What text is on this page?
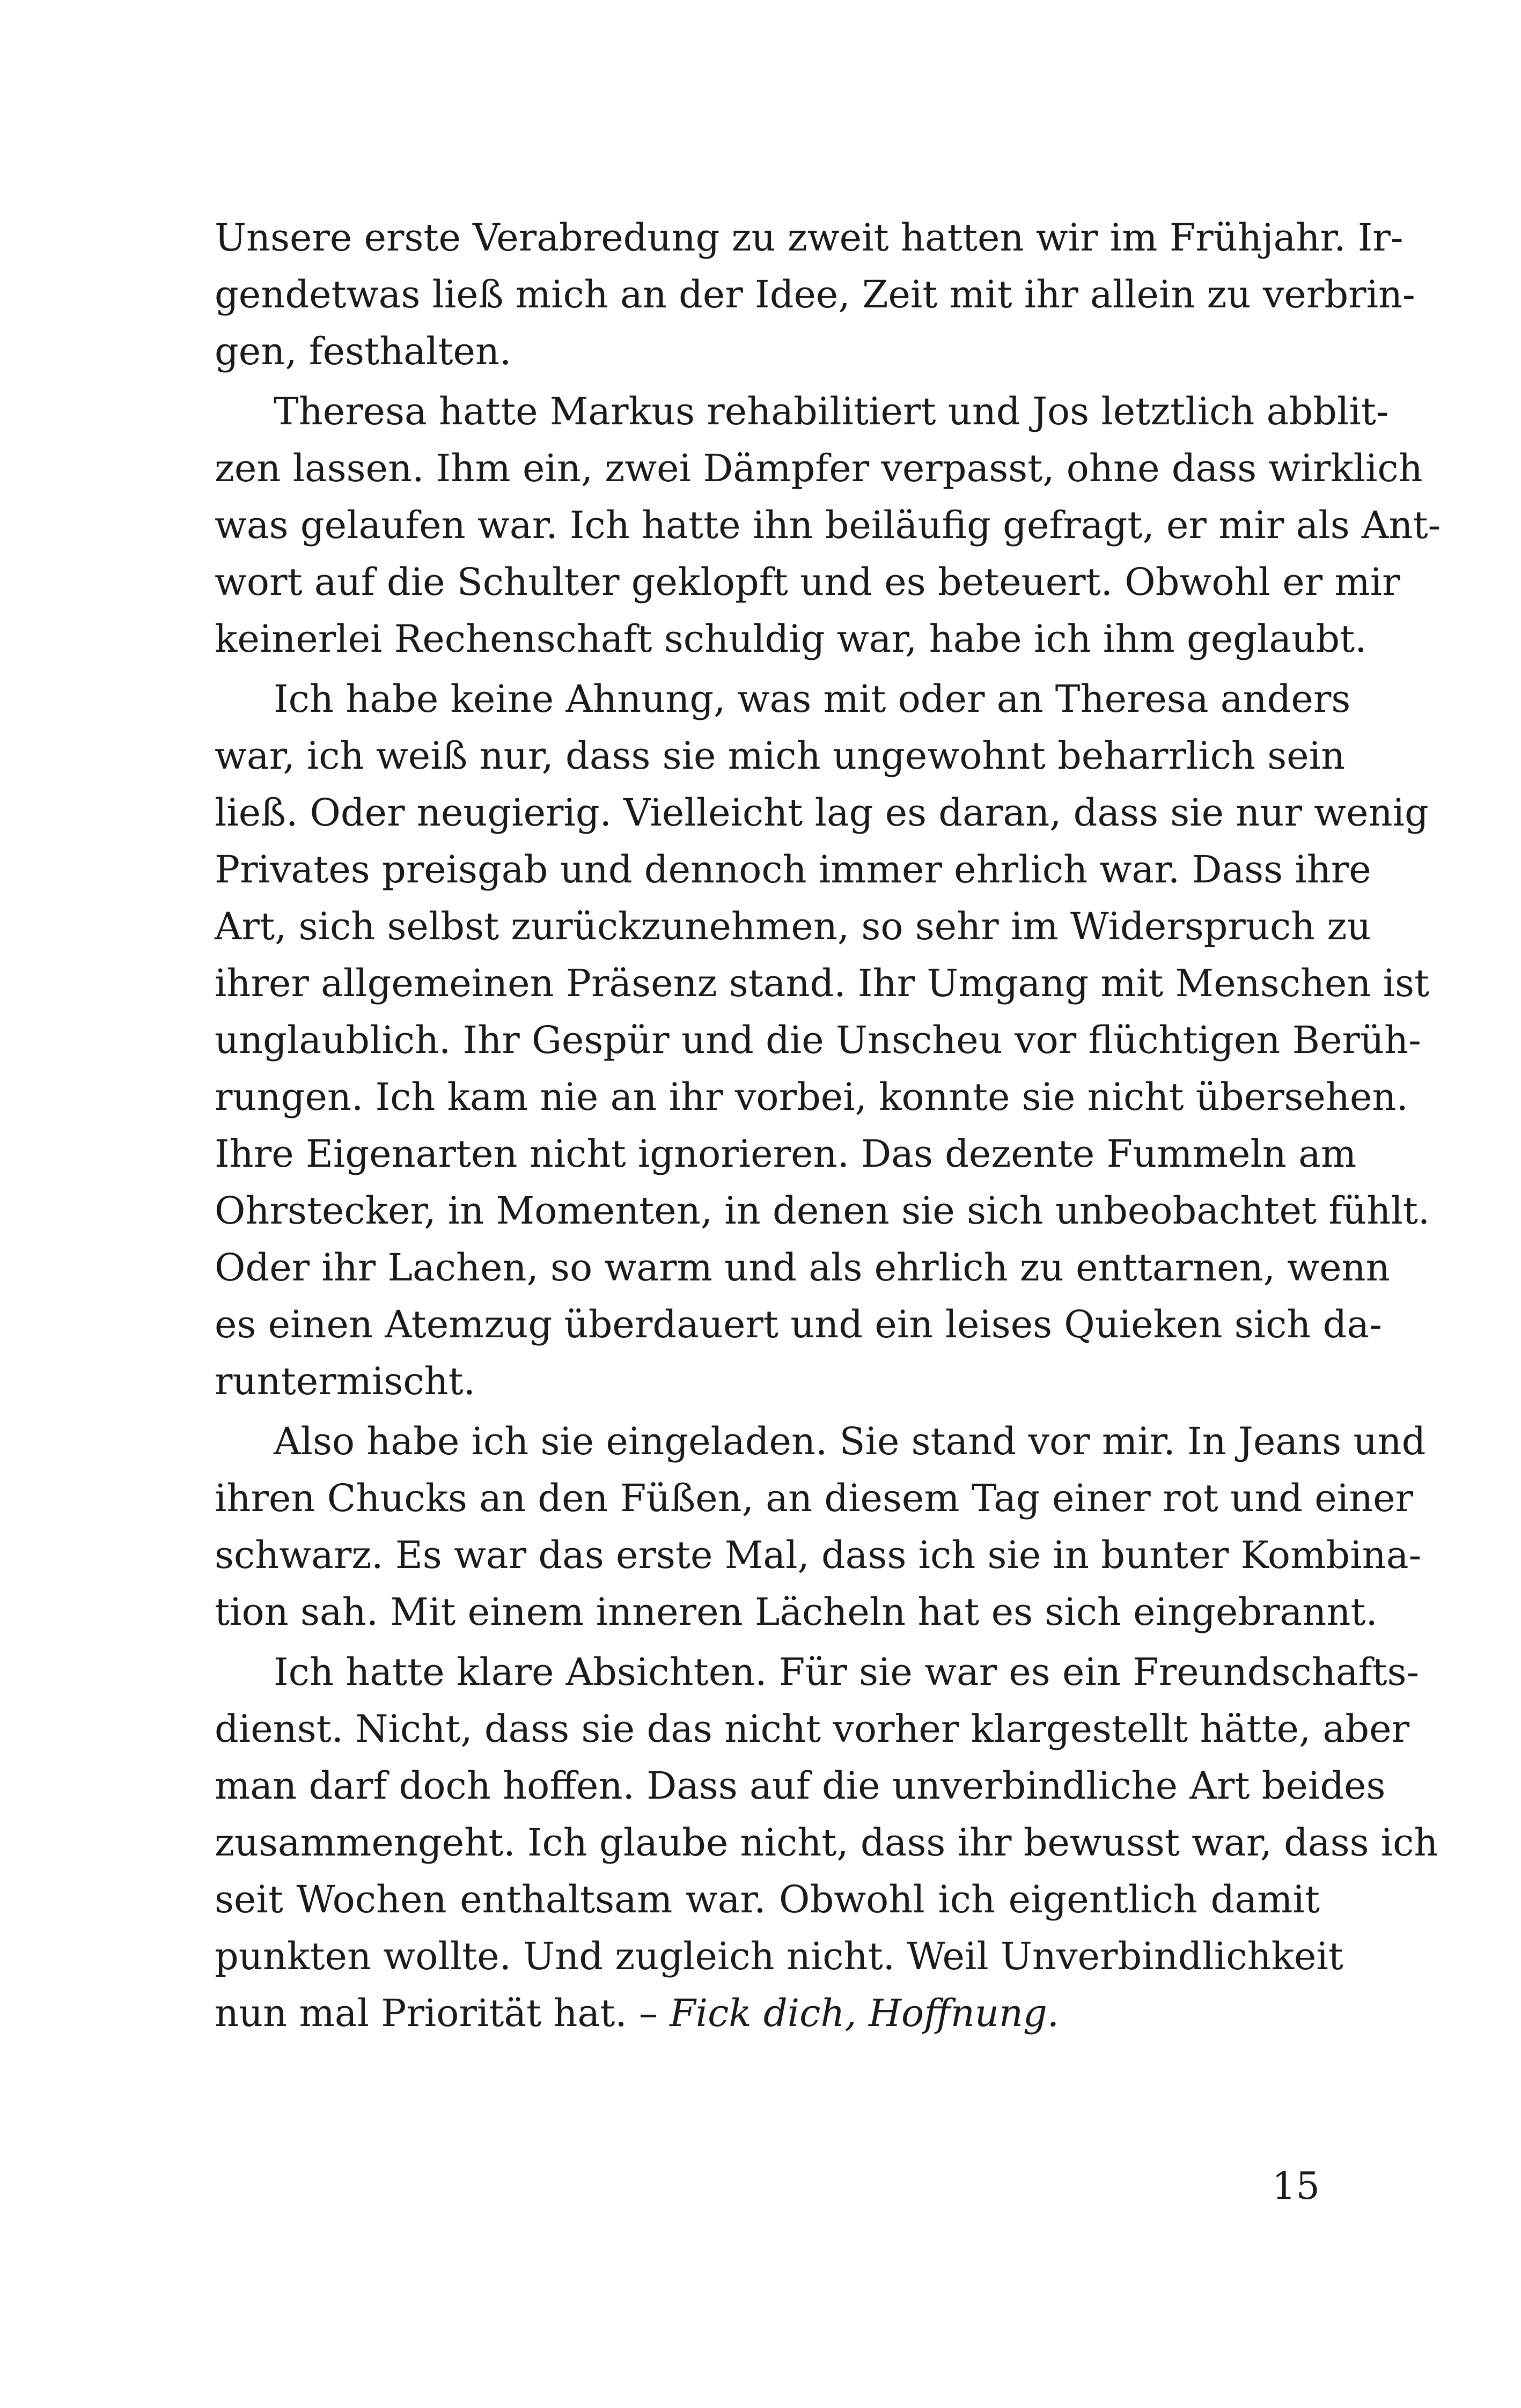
Unsere erste Verabredung zu zweit hatten wir im Frühjahr. Ir-
gendetwas ließ mich an der Idee, Zeit mit ihr allein zu verbrin-
gen, festhalten.
Theresa hatte Markus rehabilitiert und Jos letztlich abblit-
zen lassen. Ihm ein, zwei Dämpfer verpasst, ohne dass wirklich
was gelaufen war. Ich hatte ihn beiläufig gefragt, er mir als Ant-
wort auf die Schulter geklopft und es beteuert. Obwohl er mir
keinerlei Rechenschaft schuldig war, habe ich ihm geglaubt.
Ich habe keine Ahnung, was mit oder an Theresa anders
war, ich weiß nur, dass sie mich ungewohnt beharrlich sein
ließ. Oder neugierig. Vielleicht lag es daran, dass sie nur wenig
Privates preisgab und dennoch immer ehrlich war. Dass ihre
Art, sich selbst zurückzunehmen, so sehr im Widerspruch zu
ihrer allgemeinen Präsenz stand. Ihr Umgang mit Menschen ist
unglaublich. Ihr Gespür und die Unscheu vor flüchtigen Berüh-
rungen. Ich kam nie an ihr vorbei, konnte sie nicht übersehen.
Ihre Eigenarten nicht ignorieren. Das dezente Fummeln am
Ohrstecker, in Momenten, in denen sie sich unbeobachtet fühlt.
Oder ihr Lachen, so warm und als ehrlich zu enttarnen, wenn
es einen Atemzug überdauert und ein leises Quieken sich da-
runtermischt.
Also habe ich sie eingeladen. Sie stand vor mir. In Jeans und
ihren Chucks an den Füßen, an diesem Tag einer rot und einer
schwarz. Es war das erste Mal, dass ich sie in bunter Kombina-
tion sah. Mit einem inneren Lächeln hat es sich eingebrannt.
Ich hatte klare Absichten. Für sie war es ein Freundschafts-
dienst. Nicht, dass sie das nicht vorher klargestellt hätte, aber
man darf doch hoffen. Dass auf die unverbindliche Art beides
zusammengeht. Ich glaube nicht, dass ihr bewusst war, dass ich
seit Wochen enthaltsam war. Obwohl ich eigentlich damit
punkten wollte. Und zugleich nicht. Weil Unverbindlichkeit
nun mal Priorität hat. – Fick dich, Hoffnung.
15
